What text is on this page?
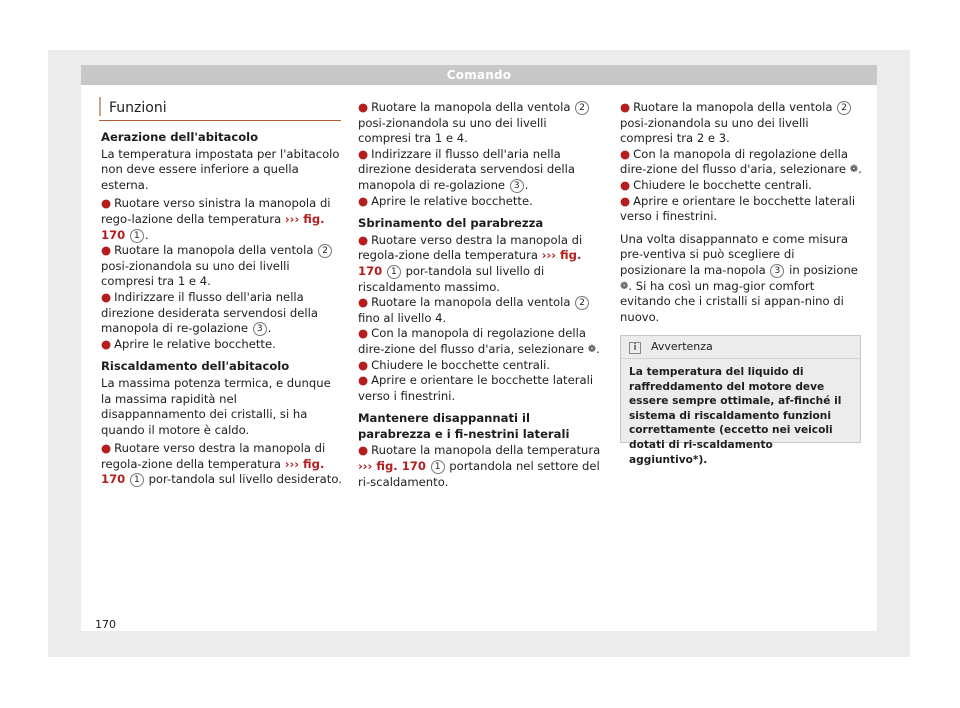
Comando
Funzioni

Aerazione dell'abitacolo

La temperatura impostata per l'abitacolo non deve essere inferiore a quella esterna.

● Ruotare verso sinistra la manopola di rego-lazione della temperatura ››› fig. 170 1 .

● Ruotare la manopola della ventola 2 posi-zionandola su uno dei livelli compresi tra 1 e 4.

● Indirizzare il flusso dell'aria nella direzione desiderata servendosi della manopola di re-golazione 3 .

● Aprire le relative bocchette.

Riscaldamento dell'abitacolo

La massima potenza termica, e dunque la massima rapidità nel disappannamento dei cristalli, si ha quando il motore è caldo.

● Ruotare verso destra la manopola di regola-zione della temperatura ››› fig. 170 1 por-tandola sul livello desiderato.

● Ruotare la manopola della ventola 2 posi-zionandola su uno dei livelli compresi tra 1 e 4.

● Indirizzare il flusso dell'aria nella direzione desiderata servendosi della manopola di re-golazione 3 .

● Aprire le relative bocchette.

Sbrinamento del parabrezza

● Ruotare verso destra la manopola di regola-zione della temperatura ››› fig. 170 1 por-tandola sul livello di riscaldamento massimo.

● Ruotare la manopola della ventola 2 fino al livello 4.

● Con la manopola di regolazione della dire-zione del flusso d'aria, selezionare ❁.

● Chiudere le bocchette centrali.

● Aprire e orientare le bocchette laterali verso i finestrini.

Mantenere disappannati il parabrezza e i fi-nestrini laterali

● Ruotare la manopola della temperatura ››› fig. 170 1 portandola nel settore del ri-scaldamento.

● Ruotare la manopola della ventola 2 posi-zionandola su uno dei livelli compresi tra 2 e 3.

● Con la manopola di regolazione della dire-zione del flusso d'aria, selezionare ❁.

● Chiudere le bocchette centrali.

● Aprire e orientare le bocchette laterali verso i finestrini.

Una volta disappannato e come misura pre-ventiva si può scegliere di posizionare la ma-nopola 3 in posizione ❁. Si ha così un mag-gior comfort evitando che i cristalli si appan-nino di nuovo.

i Avvertenza
La temperatura del liquido di raffreddamento del motore deve essere sempre ottimale, af-finché il sistema di riscaldamento funzioni correttamente (eccetto nei veicoli dotati di ri-scaldamento aggiuntivo*).
170
